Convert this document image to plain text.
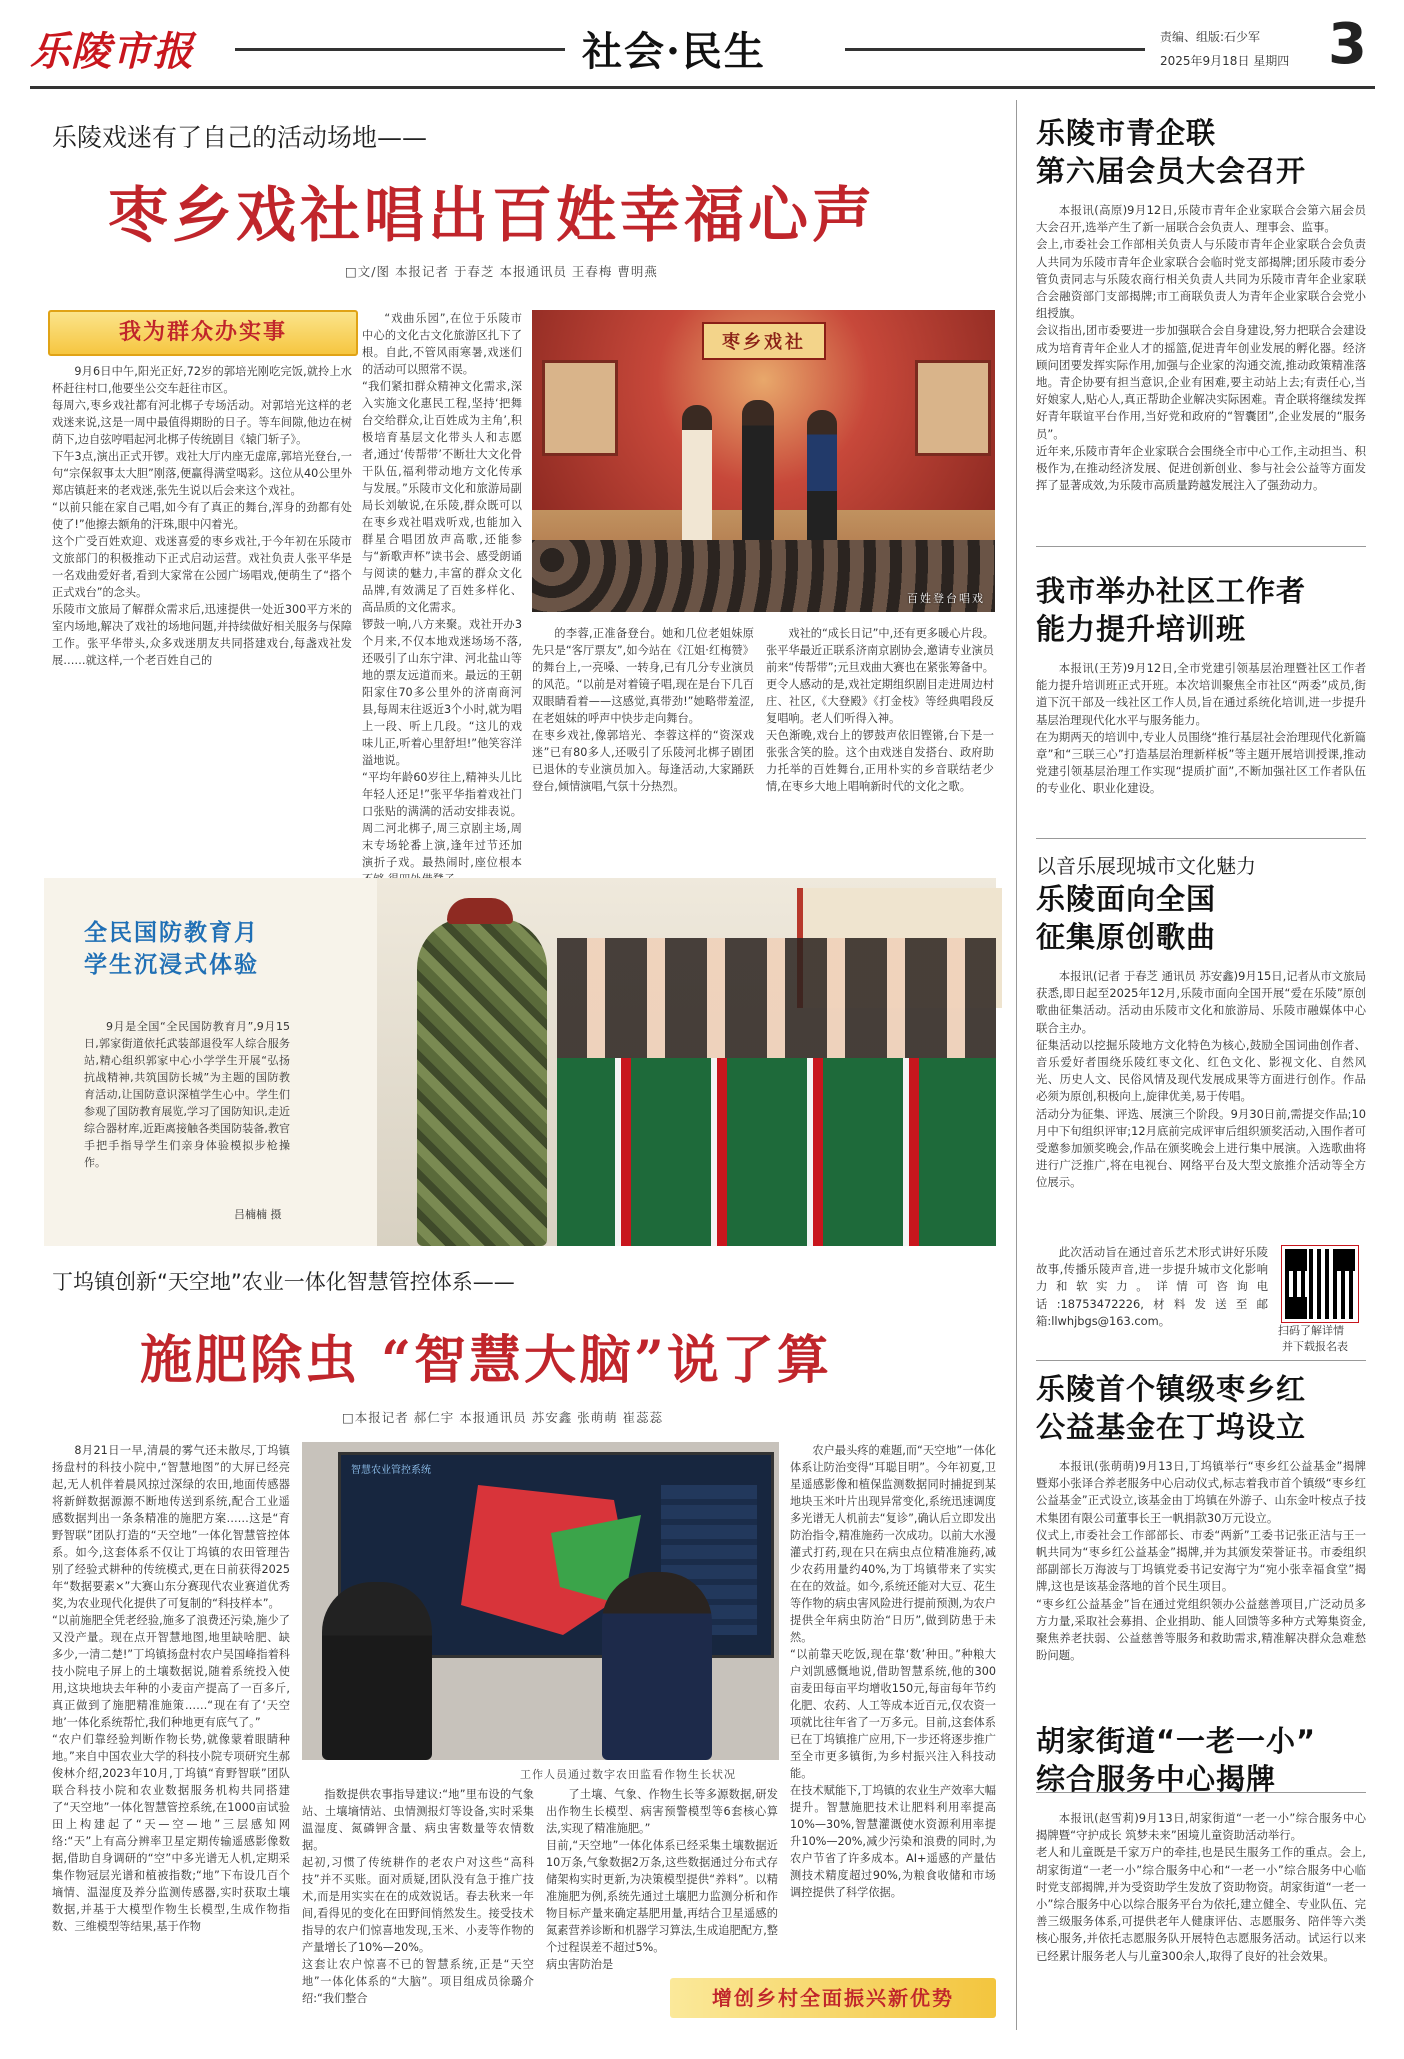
乐陵市报	社会·民生	责编、组版:石少军
2025年9月18日 星期四 3
乐陵戏迷有了自己的活动场地——
枣乡戏社唱出百姓幸福心声
□文/图 本报记者 于春芝 本报通讯员 王春梅 曹明燕
我为群众办实事
9月6日中午,阳光正好,72岁的郭培光刚吃完饭,就拎上水杯赶往村口,他要坐公交车赶往市区。
每周六,枣乡戏社都有河北梆子专场活动。对郭培光这样的老戏迷来说,这是一周中最值得期盼的日子。等车间隙,他边在树荫下,边自弦哼唱起河北梆子传统剧目《辕门斩子》。
下午3点,演出正式开锣。戏社大厅内座无虚席,郭培光登台,一句“宗保叙事太大胆”刚落,便赢得满堂喝彩。这位从40公里外郑店镇赶来的老戏迷,张先生说以后会来这个戏社。
“以前只能在家自己唱,如今有了真正的舞台,浑身的劲都有处使了!”他擦去额角的汗珠,眼中闪着光。
这个广受百姓欢迎、戏迷喜爱的枣乡戏社,于今年初在乐陵市文旅部门的积极推动下正式启动运营。戏社负责人张平华是一名戏曲爱好者,看到大家常在公园广场唱戏,便萌生了“搭个正式戏台”的念头。
乐陵市文旅局了解群众需求后,迅速提供一处近300平方米的室内场地,解决了戏社的场地问题,并持续做好相关服务与保障工作。张平华带头,众多戏迷朋友共同搭建戏台,每盏戏社发展……就这样,一个老百姓自己的
“戏曲乐园”,在位于乐陵市中心的文化古文化旅游区扎下了根。自此,不管风雨寒暑,戏迷们的活动可以照常不误。
“我们紧扣群众精神文化需求,深入实施文化惠民工程,坚持‘把舞台交给群众,让百姓成为主角’,积极培育基层文化带头人和志愿者,通过‘传帮带’不断壮大文化骨干队伍,福利带动地方文化传承与发展。”乐陵市文化和旅游局副局长刘敏说,在乐陵,群众既可以在枣乡戏社唱戏听戏,也能加入群星合唱团放声高歌,还能参与“新歌声杯”读书会、感受朗诵与阅读的魅力,丰富的群众文化品牌,有效满足了百姓多样化、高品质的文化需求。
锣鼓一响,八方来聚。戏社开办3个月来,不仅本地戏迷场场不落,还吸引了山东宁津、河北盐山等地的票友远道而来。最远的王朝阳家住70多公里外的济南商河县,每周末往返近3个小时,就为唱上一段、听上几段。“这儿的戏味儿正,听着心里舒坦!”他笑容洋溢地说。
“平均年龄60岁往上,精神头儿比年轻人还足!”张平华指着戏社门口张贴的满满的活动安排表说。周二河北梆子,周三京剧主场,周末专场轮番上演,逢年过节还加演折子戏。最热闹时,座位根本

枣乡戏社
百姓登台唱戏
的李蓉,正准备登台。她和几位老姐妹原先只是“客厅票友”,如今站在《江姐·红梅赞》的舞台上,一亮嗓、一转身,已有几分专业演员的风范。“以前是对着镜子唱,现在是台下几百双眼睛看着——这感觉,真带劲!”她略带羞涩,在老姐妹的呼声中快步走向舞台。
在枣乡戏社,像郭培光、李蓉这样的“资深戏迷”已有80多人,还吸引了乐陵河北梆子剧团已退休的专业演员加入。每逢活动,大家踊跃登台,倾情演唱,气氛十分热烈。
戏社的“成长日记”中,还有更多暖心片段。张平华最近正联系济南京剧协会,邀请专业演员前来“传帮带”;元旦戏曲大赛也在紧张筹备中。更令人感动的是,戏社定期组织剧目走进周边村庄、社区,《大登殿》《打金枝》等经典唱段反复唱响。老人们听得入神。
天色渐晚,戏台上的锣鼓声依旧铿锵,台下是一张张含笑的脸。这个由戏迷自发搭台、政府助力托举的百姓舞台,正用朴实的乡音联结老少情,在枣乡大地上唱响新时代的文化之歌。
全民国防教育月
学生沉浸式体验
9月是全国“全民国防教育月”,9月15日,郭家街道依托武装部退役军人综合服务站,精心组织郭家中心小学学生开展“弘扬抗战精神,共筑国防长城”为主题的国防教育活动,让国防意识深植学生心中。学生们参观了国防教育展览,学习了国防知识,走近综合器材库,近距离接触各类国防装备,教官手把手指导学生们亲身体验模拟步枪操作。
吕楠楠 摄
丁坞镇创新“天空地”农业一体化智慧管控体系——
施肥除虫 “智慧大脑”说了算
□本报记者 郝仁宇 本报通讯员 苏安鑫 张萌萌 崔蕊蕊
8月21日一早,清晨的雾气还未散尽,丁坞镇扬盘村的科技小院中,“智慧地图”的大屏已经亮起,无人机伴着晨风掠过深绿的农田,地面传感器将新鲜数据源源不断地传送到系统,配合工业遥感数据判出一条条精准的施肥方案……这是“育野智联”团队打造的“天空地”一体化智慧管控体系。如今,这套体系不仅让丁坞镇的农田管理告别了经验式耕种的传统模式,更在日前获得2025年“数据要素×”大赛山东分赛现代农业赛道优秀奖,为农业现代化提供了可复制的“科技样本”。
“以前施肥全凭老经验,施多了浪费还污染,施少了又没产量。现在点开智慧地图,地里缺啥肥、缺多少,一清二楚!”丁坞镇扬盘村农户吴国峰指着科技小院电子屏上的土壤数据说,随着系统投入使用,这块地块去年种的小麦亩产提高了一百多斤,真正做到了施肥精准施策……“现在有了‘天空地’一体化系统帮忙,我们种地更有底气了。”
“农户们靠经验判断作物长势,就像蒙着眼睛种地。”来自中国农业大学的科技小院专项研究生郝俊林介绍,2023年10月,丁坞镇“育野智联”团队联合科技小院和农业数据服务机构共同搭建了“天空地”一体化智慧管控系统,在1000亩试验田上构建起了“天—空—地”三层感知网络:“天”上有高分辨率卫星定期传输遥感影像数据,借助自身调研的“空”中多光谱无人机,定期采集作物冠层光谱和植被指数;“地”下布设几百个墒情、温湿度及养分监测传感器,实时获取土壤数据,并基于大模型作物生长模型,生成作物指数、三维模型等结果,基于作物
智慧农业管控系统
工作人员通过数字农田监看作物生长状况
指数提供农事指导建议:“地”里布设的气象站、土壤墒情站、虫情测报灯等设备,实时采集温湿度、氮磷钾含量、病虫害数量等农情数据。
起初,习惯了传统耕作的老农户对这些“高科技”并不买账。面对质疑,团队没有急于推广技术,而是用实实在在的成效说话。春去秋来一年间,看得见的变化在田野间悄然发生。接受技术指导的农户们惊喜地发现,玉米、小麦等作物的产量增长了10%—20%。
这套让农户惊喜不已的智慧系统,正是“天空地”一体化体系的“大脑”。项目组成员徐璐介绍:“我们整合
了土壤、气象、作物生长等多源数据,研发出作物生长模型、病害预警模型等6套核心算法,实现了精准施肥。”
目前,“天空地”一体化体系已经采集土壤数据近10万条,气象数据2万条,这些数据通过分布式存储架构实时更新,为决策模型提供“养料”。以精准施肥为例,系统先通过土壤肥力监测分析和作物目标产量来确定基肥用量,再结合卫星遥感的氮素营养诊断和机器学习算法,生成追肥配方,整个过程误差不超过5%。
病虫害防治是
农户最头疼的难题,而“天空地”一体化体系让防治变得“耳聪目明”。今年初夏,卫星遥感影像和植保监测数据同时捕捉到某地块玉米叶片出现异常变化,系统迅速调度多光谱无人机前去“复诊”,确认后立即发出防治指令,精准施药一次成功。以前大水漫灌式打药,现在只在病虫点位精准施药,减少农药用量约40%,为丁坞镇带来了实实在在的效益。如今,系统还能对大豆、花生等作物的病虫害风险进行提前预测,为农户提供全年病虫防治“日历”,做到防患于未然。
“以前靠天吃饭,现在靠‘数’种田。”种粮大户刘凯感慨地说,借助智慧系统,他的300亩麦田每亩平均增收150元,每亩每年节约化肥、农药、人工等成本近百元,仅农资一项就比往年省了一万多元。目前,这套体系已在丁坞镇推广应用,下一步还将逐步推广至全市更多镇街,为乡村振兴注入科技动能。
在技术赋能下,丁坞镇的农业生产效率大幅提升。智慧施肥技术让肥料利用率提高10%—30%,智慧灌溉使水资源利用率提升10%—20%,减少污染和浪费的同时,为农户节省了许多成本。AI+遥感的产量估测技术精度超过90%,为粮食收储和市场调控提供了科学依据。
增创乡村全面振兴新优势
乐陵市青企联
第六届会员大会召开
本报讯(高原)9月12日,乐陵市青年企业家联合会第六届会员大会召开,选举产生了新一届联合会负责人、理事会、监事。
会上,市委社会工作部相关负责人与乐陵市青年企业家联合会负责人共同为乐陵市青年企业家联合会临时党支部揭牌;团乐陵市委分管负责同志与乐陵农商行相关负责人共同为乐陵市青年企业家联合会融资部门支部揭牌;市工商联负责人为青年企业家联合会党小组授旗。
会议指出,团市委要进一步加强联合会自身建设,努力把联合会建设成为培育青年企业人才的摇篮,促进青年创业发展的孵化器。经济顾问团要发挥实际作用,加强与企业家的沟通交流,推动政策精准落地。青企协要有担当意识,企业有困难,要主动站上去;有责任心,当好娘家人,贴心人,真正帮助企业解决实际困难。青企联将继续发挥好青年联谊平台作用,当好党和政府的“智囊团”,企业发展的“服务员”。
近年来,乐陵市青年企业家联合会围绕全市中心工作,主动担当、积极作为,在推动经济发展、促进创新创业、参与社会公益等方面发挥了显著成效,为乐陵市高质量跨越发展注入了强劲动力。
我市举办社区工作者
能力提升培训班
本报讯(王芳)9月12日,全市党建引领基层治理暨社区工作者能力提升培训班正式开班。本次培训聚焦全市社区“两委”成员,街道下沉干部及一线社区工作人员,旨在通过系统化培训,进一步提升基层治理现代化水平与服务能力。
在为期两天的培训中,专业人员围绕“推行基层社会治理现代化新篇章”和“三联三心”打造基层治理新样板”等主题开展培训授课,推动党建引领基层治理工作实现“提质扩面”,不断加强社区工作者队伍的专业化、职业化建设。
以音乐展现城市文化魅力
乐陵面向全国
征集原创歌曲
本报讯(记者 于春芝 通讯员 苏安鑫)9月15日,记者从市文旅局获悉,即日起至2025年12月,乐陵市面向全国开展“爱在乐陵”原创歌曲征集活动。活动由乐陵市文化和旅游局、乐陵市融媒体中心联合主办。
征集活动以挖掘乐陵地方文化特色为核心,鼓励全国词曲创作者、音乐爱好者围绕乐陵红枣文化、红色文化、影视文化、自然风光、历史人文、民俗风情及现代发展成果等方面进行创作。作品必须为原创,积极向上,旋律优美,易于传唱。
活动分为征集、评选、展演三个阶段。9月30日前,需提交作品;10月中下旬组织评审;12月底前完成评审后组织颁奖活动,入围作者可受邀参加颁奖晚会,作品在颁奖晚会上进行集中展演。入选歌曲将进行广泛推广,将在电视台、网络平台及大型文旅推介活动等全方位展示。
此次活动旨在通过音乐艺术形式讲好乐陵故事,传播乐陵声音,进一步提升城市文化影响力和软实力。详情可咨询电话:18753472226,材料发送至邮箱:llwhjbgs@163.com。
扫码了解详情
并下载报名表
乐陵首个镇级枣乡红
公益基金在丁坞设立
本报讯(张萌萌)9月13日,丁坞镇举行“枣乡红公益基金”揭牌暨郑小张译合养老服务中心启动仪式,标志着我市首个镇级“枣乡红公益基金”正式设立,该基金由丁坞镇在外游子、山东金叶桉点子技术集团有限公司董事长王一帆捐款30万元设立。
仪式上,市委社会工作部部长、市委“两新”工委书记张正洁与王一帆共同为“枣乡红公益基金”揭牌,并为其颁发荣誉证书。市委组织部副部长万海波与丁坞镇党委书记安海宁为“宛小张幸福食堂”揭牌,这也是该基金落地的首个民生项目。
“枣乡红公益基金”旨在通过党组织领办公益慈善项目,广泛动员多方力量,采取社会募捐、企业捐助、能人回馈等多种方式筹集资金,聚焦养老扶弱、公益慈善等服务和救助需求,精准解决群众急难愁盼问题。
胡家街道“一老一小”
综合服务中心揭牌
本报讯(赵雪莉)9月13日,胡家街道“一老一小”综合服务中心揭牌暨“守护成长 筑梦未来”困境儿童资助活动举行。
老人和儿童既是千家万户的牵挂,也是民生服务工作的重点。会上,胡家街道“一老一小”综合服务中心和“一老一小”综合服务中心临时党支部揭牌,并为受资助学生发放了资助物资。胡家街道“一老一小”综合服务中心以综合服务平台为依托,建立健全、专业队伍、完善三级服务体系,可提供老年人健康评估、志愿服务、陪伴等六类核心服务,并依托志愿服务队开展特色志愿服务活动。试运行以来已经累计服务老人与儿童300余人,取得了良好的社会效果。
